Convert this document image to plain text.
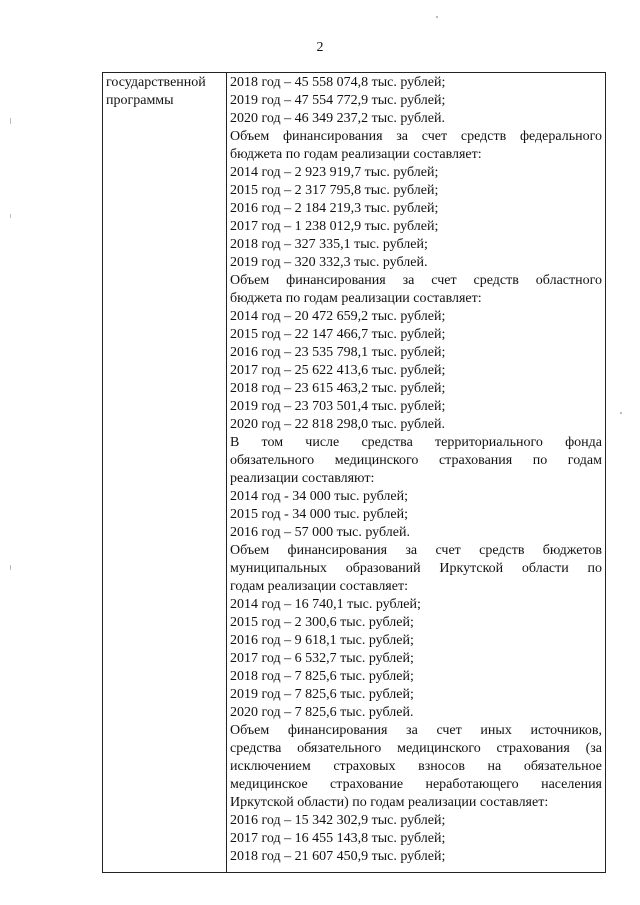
2
государственной
программы
2018 год – 45 558 074,8 тыс. рублей;
2019 год – 47 554 772,9 тыс. рублей;
2020 год – 46 349 237,2 тыс. рублей.
Объем финансирования за счет средств федерального
бюджета по годам реализации составляет:
2014 год – 2 923 919,7 тыс. рублей;
2015 год – 2 317 795,8 тыс. рублей;
2016 год – 2 184 219,3 тыс. рублей;
2017 год – 1 238 012,9 тыс. рублей;
2018 год – 327 335,1 тыс. рублей;
2019 год – 320 332,3 тыс. рублей.
Объем финансирования за счет средств областного
бюджета по годам реализации составляет:
2014 год – 20 472 659,2 тыс. рублей;
2015 год – 22 147 466,7 тыс. рублей;
2016 год – 23 535 798,1 тыс. рублей;
2017 год – 25 622 413,6 тыс. рублей;
2018 год – 23 615 463,2 тыс. рублей;
2019 год – 23 703 501,4 тыс. рублей;
2020 год – 22 818 298,0 тыс. рублей.
В том числе средства территориального фонда
обязательного медицинского страхования по годам
реализации составляют:
2014 год - 34 000 тыс. рублей;
2015 год - 34 000 тыс. рублей;
2016 год – 57 000 тыс. рублей.
Объем финансирования за счет средств бюджетов
муниципальных образований Иркутской области по
годам реализации составляет:
2014 год – 16 740,1 тыс. рублей;
2015 год – 2 300,6 тыс. рублей;
2016 год – 9 618,1 тыс. рублей;
2017 год – 6 532,7 тыс. рублей;
2018 год – 7 825,6 тыс. рублей;
2019 год – 7 825,6 тыс. рублей;
2020 год – 7 825,6 тыс. рублей.
Объем финансирования за счет иных источников,
средства обязательного медицинского страхования (за
исключением страховых взносов на обязательное
медицинское страхование неработающего населения
Иркутской области) по годам реализации составляет:
2016 год – 15 342 302,9 тыс. рублей;
2017 год – 16 455 143,8 тыс. рублей;
2018 год – 21 607 450,9 тыс. рублей;
